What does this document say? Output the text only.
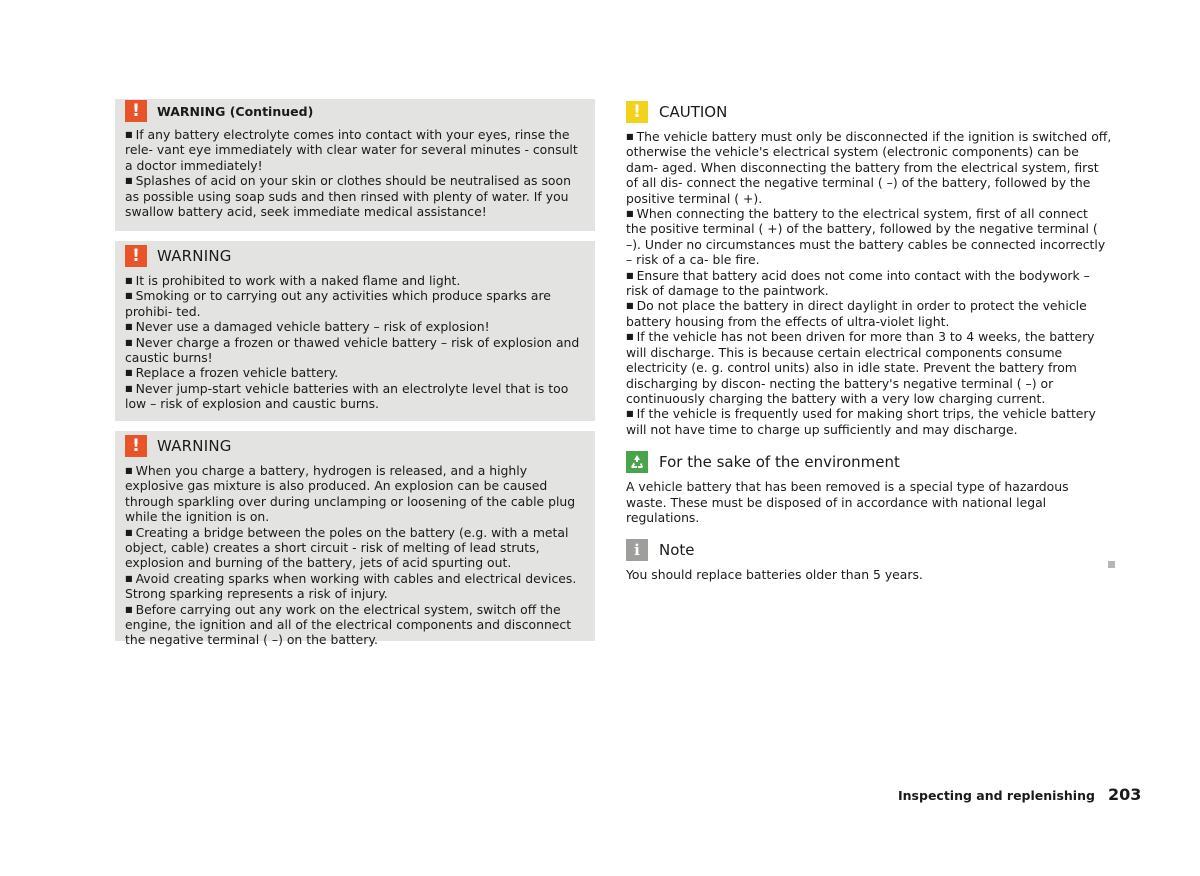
!	WARNING (Continued)

■ If any battery electrolyte comes into contact with your eyes, rinse the rele- vant eye immediately with clear water for several minutes - consult a doctor immediately!

■ Splashes of acid on your skin or clothes should be neutralised as soon as possible using soap suds and then rinsed with plenty of water. If you swallow battery acid, seek immediate medical assistance!

!	WARNING

■ It is prohibited to work with a naked flame and light.

■ Smoking or to carrying out any activities which produce sparks are prohibi- ted.

■ Never use a damaged vehicle battery – risk of explosion!

■ Never charge a frozen or thawed vehicle battery – risk of explosion and caustic burns!

■ Replace a frozen vehicle battery.

■ Never jump-start vehicle batteries with an electrolyte level that is too low – risk of explosion and caustic burns.

!	WARNING

■ When you charge a battery, hydrogen is released, and a highly explosive gas mixture is also produced. An explosion can be caused through sparkling over during unclamping or loosening of the cable plug while the ignition is on.

■ Creating a bridge between the poles on the battery (e.g. with a metal object, cable) creates a short circuit - risk of melting of lead struts, explosion and burning of the battery, jets of acid spurting out.

■ Avoid creating sparks when working with cables and electrical devices. Strong sparking represents a risk of injury.

■ Before carrying out any work on the electrical system, switch off the engine, the ignition and all of the electrical components and disconnect the negative terminal ( –) on the battery.

!	CAUTION

■ The vehicle battery must only be disconnected if the ignition is switched off, otherwise the vehicle's electrical system (electronic components) can be dam- aged. When disconnecting the battery from the electrical system, first of all dis- connect the negative terminal ( –) of the battery, followed by the positive terminal ( +).

■ When connecting the battery to the electrical system, first of all connect the positive terminal ( +) of the battery, followed by the negative terminal ( –). Under no circumstances must the battery cables be connected incorrectly – risk of a ca- ble fire.

■ Ensure that battery acid does not come into contact with the bodywork – risk of damage to the paintwork.

■ Do not place the battery in direct daylight in order to protect the vehicle battery housing from the effects of ultra-violet light.

■ If the vehicle has not been driven for more than 3 to 4 weeks, the battery will discharge. This is because certain electrical components consume electricity (e. g. control units) also in idle state. Prevent the battery from discharging by discon- necting the battery's negative terminal ( –) or continuously charging the battery with a very low charging current.

■ If the vehicle is frequently used for making short trips, the vehicle battery will not have time to charge up sufficiently and may discharge.

For the sake of the environment

A vehicle battery that has been removed is a special type of hazardous waste. These must be disposed of in accordance with national legal regulations.

i	Note

You should replace batteries older than 5 years.

Inspecting and replenishing 203
